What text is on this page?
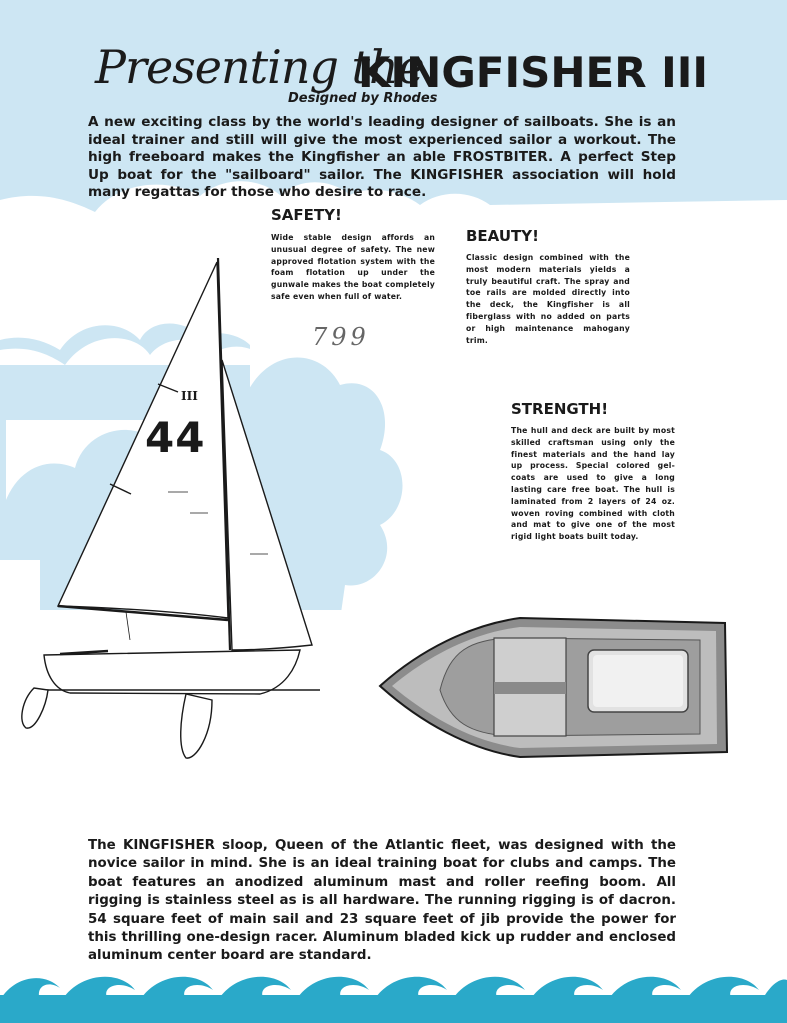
Presenting the
KINGFISHER III
Designed by Rhodes
A new exciting class by the world's leading designer of sailboats. She is an ideal trainer and still will give the most experienced sailor a workout. The high freeboard makes the Kingfisher an able FROSTBITER. A perfect Step Up boat for the "sailboard" sailor. The KINGFISHER association will hold many regattas for those who desire to race.
SAFETY!
Wide stable design affords an unusual degree of safety. The new approved flotation system with the foam flotation up under the gunwale makes the boat completely safe even when full of water.
BEAUTY!
Classic design combined with the most modern materials yields a truly beautiful craft. The spray and toe rails are molded directly into the deck, the Kingfisher is all fiberglass with no added on parts or high maintenance mahogany trim.
STRENGTH!
The hull and deck are built by most skilled craftsman using only the finest materials and the hand lay up process. Special colored gel-coats are used to give a long lasting care free boat. The hull is laminated from 2 layers of 24 oz. woven roving combined with cloth and mat to give one of the most rigid light boats built today.
III
44
799
The KINGFISHER sloop, Queen of the Atlantic fleet, was designed with the novice sailor in mind. She is an ideal training boat for clubs and camps. The boat features an anodized aluminum mast and roller reefing boom. All rigging is stainless steel as is all hardware. The running rigging is of dacron. 54 square feet of main sail and 23 square feet of jib provide the power for this thrilling one-design racer. Aluminum bladed kick up rudder and enclosed aluminum center board are standard.
